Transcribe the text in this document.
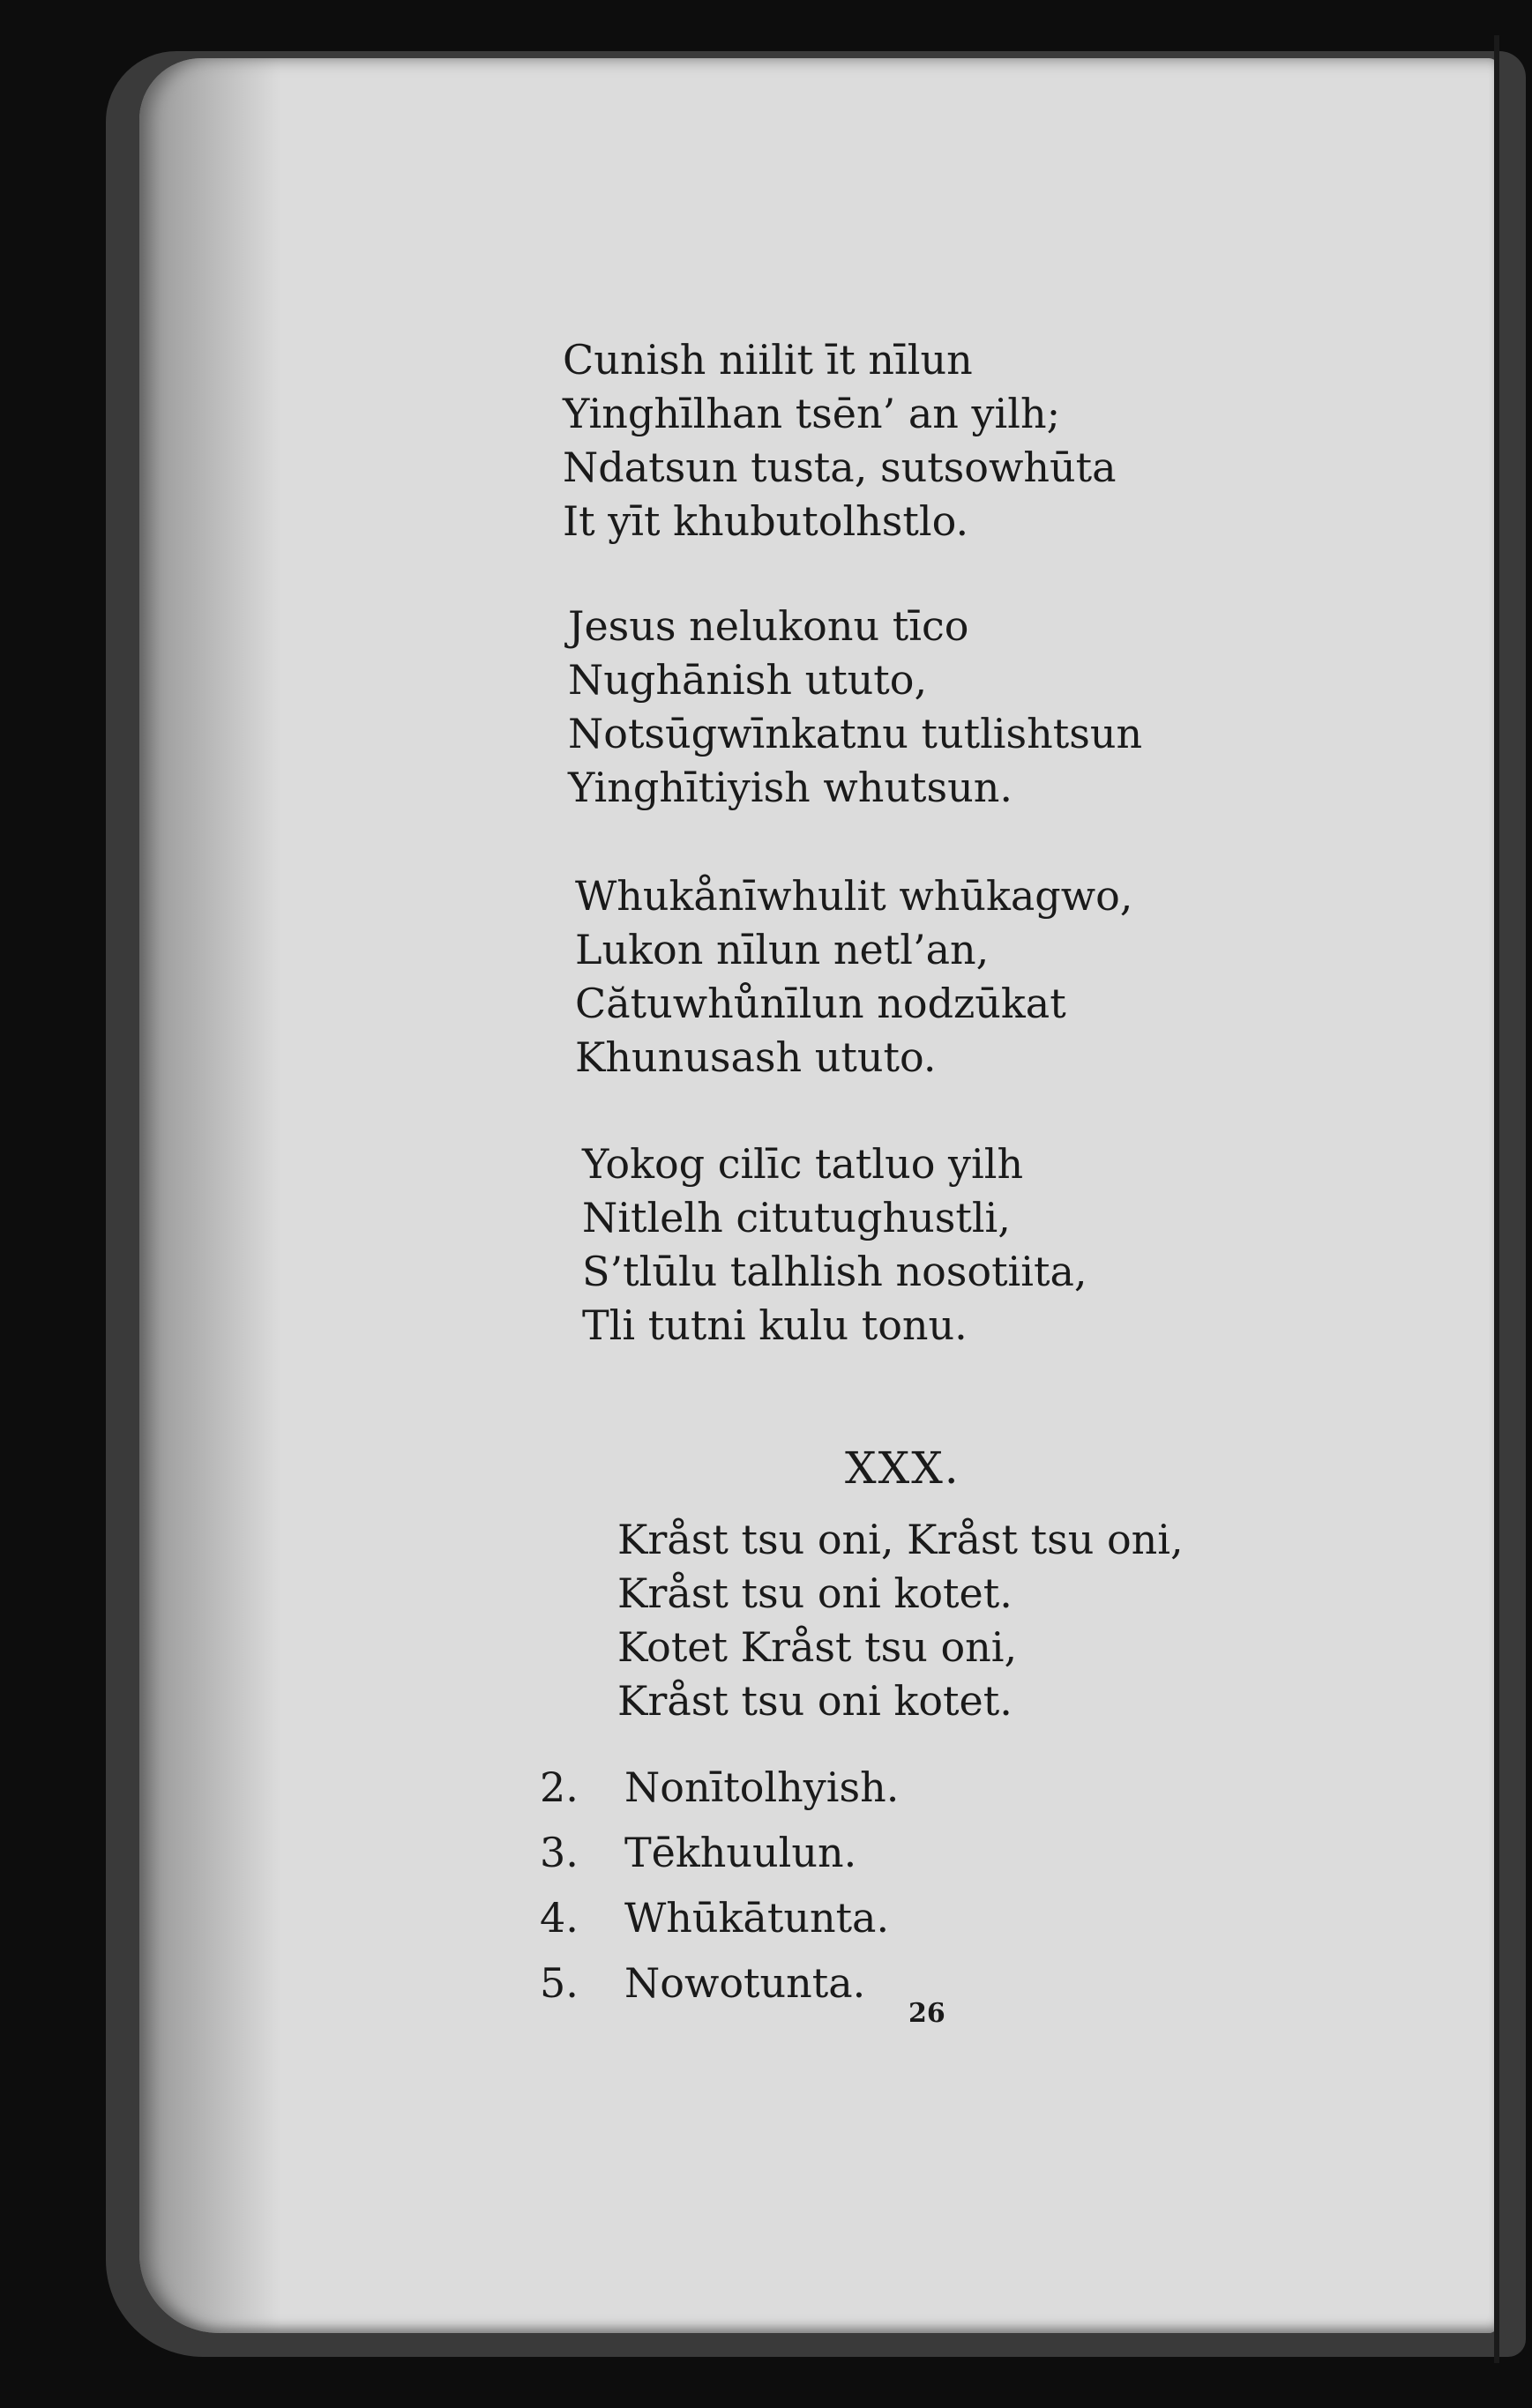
Cunish niilit īt nīlun
Yinghīlhan tsēn’ an yilh;
Ndatsun tusta, sutsowhūta
It yīt khubutolhstlo.
Jesus nelukonu tīco
Nughānish ututo,
Notsūgwīnkatnu tutlishtsun
Yinghītiyish whutsun.
Whukånīwhulit whūkagwo,
Lukon nīlun netl’an,
Cătuwhůnīlun nodzūkat
Khunusash ututo.
Yokog cilīc tatluo yilh
Nitlelh citutughustli,
S’tlūlu talhlish nosotiita,
Tli tutni kulu tonu.
XXX.
Kråst tsu oni, Kråst tsu oni,
Kråst tsu oni kotet.
Kotet Kråst tsu oni,
Kråst tsu oni kotet.
2. Nonītolhyish.
3. Tēkhuulun.
4. Whūkātunta.
5. Nowotunta.
26
